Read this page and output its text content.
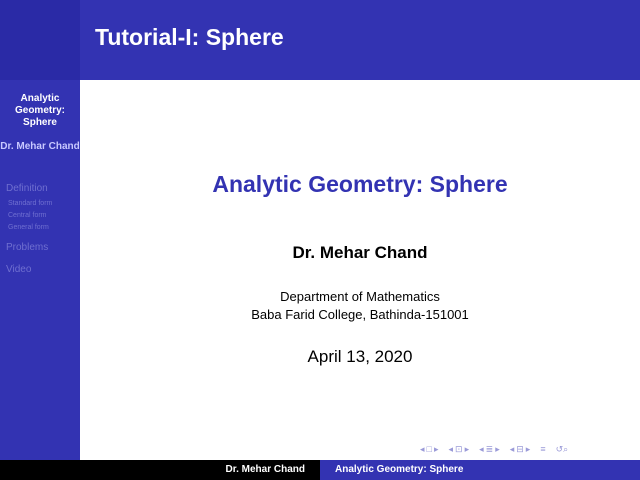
Tutorial-I: Sphere
Analytic Geometry: Sphere
Dr. Mehar Chand
Definition
Standard form
Central form
General form
Problems
Video
Analytic Geometry: Sphere
Dr. Mehar Chand
Department of Mathematics
Baba Farid College, Bathinda-151001
April 13, 2020
◂ □ ▸ ◂ ⊡ ▸ ◂ ≣ ▸ ◂ ⊟ ▸ ≡ ↺⌕
Dr. Mehar Chand	Analytic Geometry: Sphere
